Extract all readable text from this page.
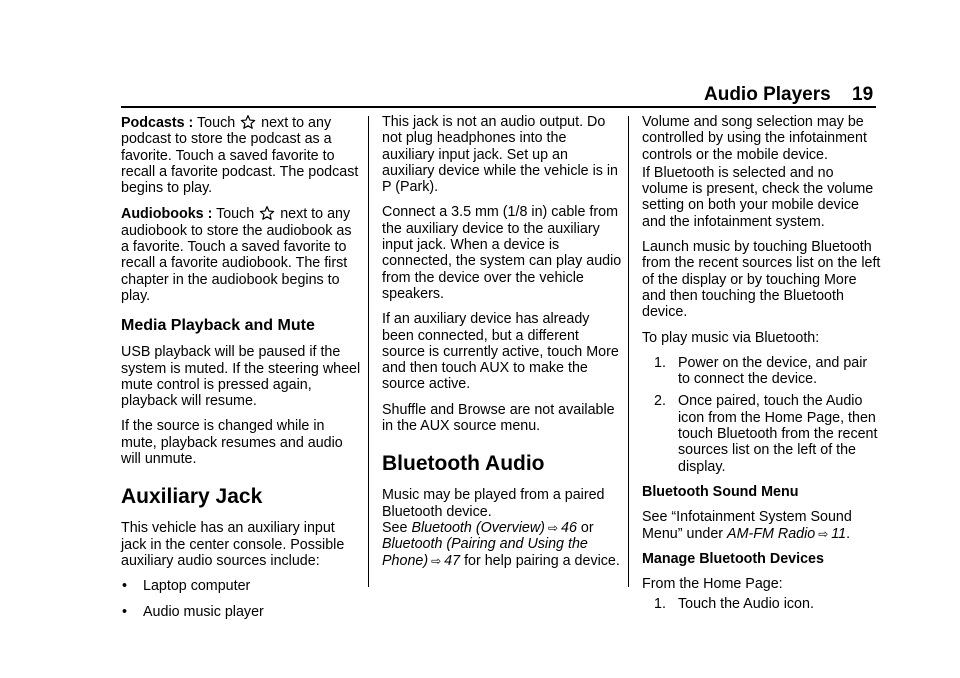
Audio Players 19

Podcasts : Touch next to any podcast to store the podcast as a favorite. Touch a saved favorite to recall a favorite podcast. The podcast begins to play.

Audiobooks : Touch next to any audiobook to store the audiobook as a favorite. Touch a saved favorite to recall a favorite audiobook. The first chapter in the audiobook begins to play.

Media Playback and Mute

USB playback will be paused if the system is muted. If the steering wheel mute control is pressed again, playback will resume.

If the source is changed while in mute, playback resumes and audio will unmute.

Auxiliary Jack

This vehicle has an auxiliary input jack in the center console. Possible auxiliary audio sources include:

• Laptop computer
• Audio music player

This jack is not an audio output. Do not plug headphones into the auxiliary input jack. Set up an auxiliary device while the vehicle is in P (Park).

Connect a 3.5 mm (1/8 in) cable from the auxiliary device to the auxiliary input jack. When a device is connected, the system can play audio from the device over the vehicle speakers.

If an auxiliary device has already been connected, but a different source is currently active, touch More and then touch AUX to make the source active.

Shuffle and Browse are not available in the AUX source menu.

Bluetooth Audio

Music may be played from a paired Bluetooth device.
See Bluetooth (Overview) ⇨ 46 or Bluetooth (Pairing and Using the Phone) ⇨ 47 for help pairing a device.

Volume and song selection may be controlled by using the infotainment controls or the mobile device.

If Bluetooth is selected and no volume is present, check the volume setting on both your mobile device and the infotainment system.

Launch music by touching Bluetooth from the recent sources list on the left of the display or by touching More and then touching the Bluetooth device.

To play music via Bluetooth:

1. Power on the device, and pair to connect the device.
2. Once paired, touch the Audio icon from the Home Page, then touch Bluetooth from the recent sources list on the left of the display.

Bluetooth Sound Menu

See “Infotainment System Sound Menu” under AM-FM Radio ⇨ 11.

Manage Bluetooth Devices

From the Home Page:

1. Touch the Audio icon.
